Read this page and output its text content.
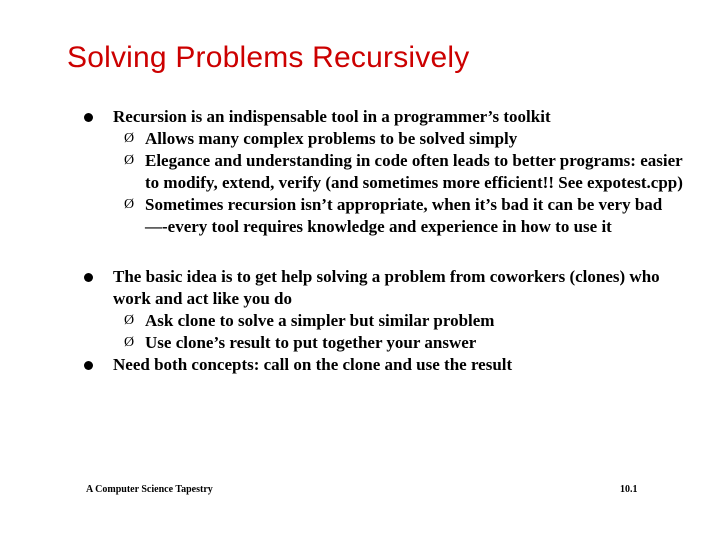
Solving Problems Recursively
Recursion is an indispensable tool in a programmer’s toolkit
Ø Allows many complex problems to be solved simply
Ø Elegance and understanding in code often leads to better programs: easier to modify, extend, verify (and sometimes more efficient!! See expotest.cpp)
Ø Sometimes recursion isn’t appropriate, when it’s bad it can be very bad—-every tool requires knowledge and experience in how to use it
The basic idea is to get help solving a problem from coworkers (clones) who work and act like you do
Ø Ask clone to solve a simpler but similar problem
Ø Use clone’s result to put together your answer
Need both concepts: call on the clone and use the result
A Computer Science Tapestry	10.1
